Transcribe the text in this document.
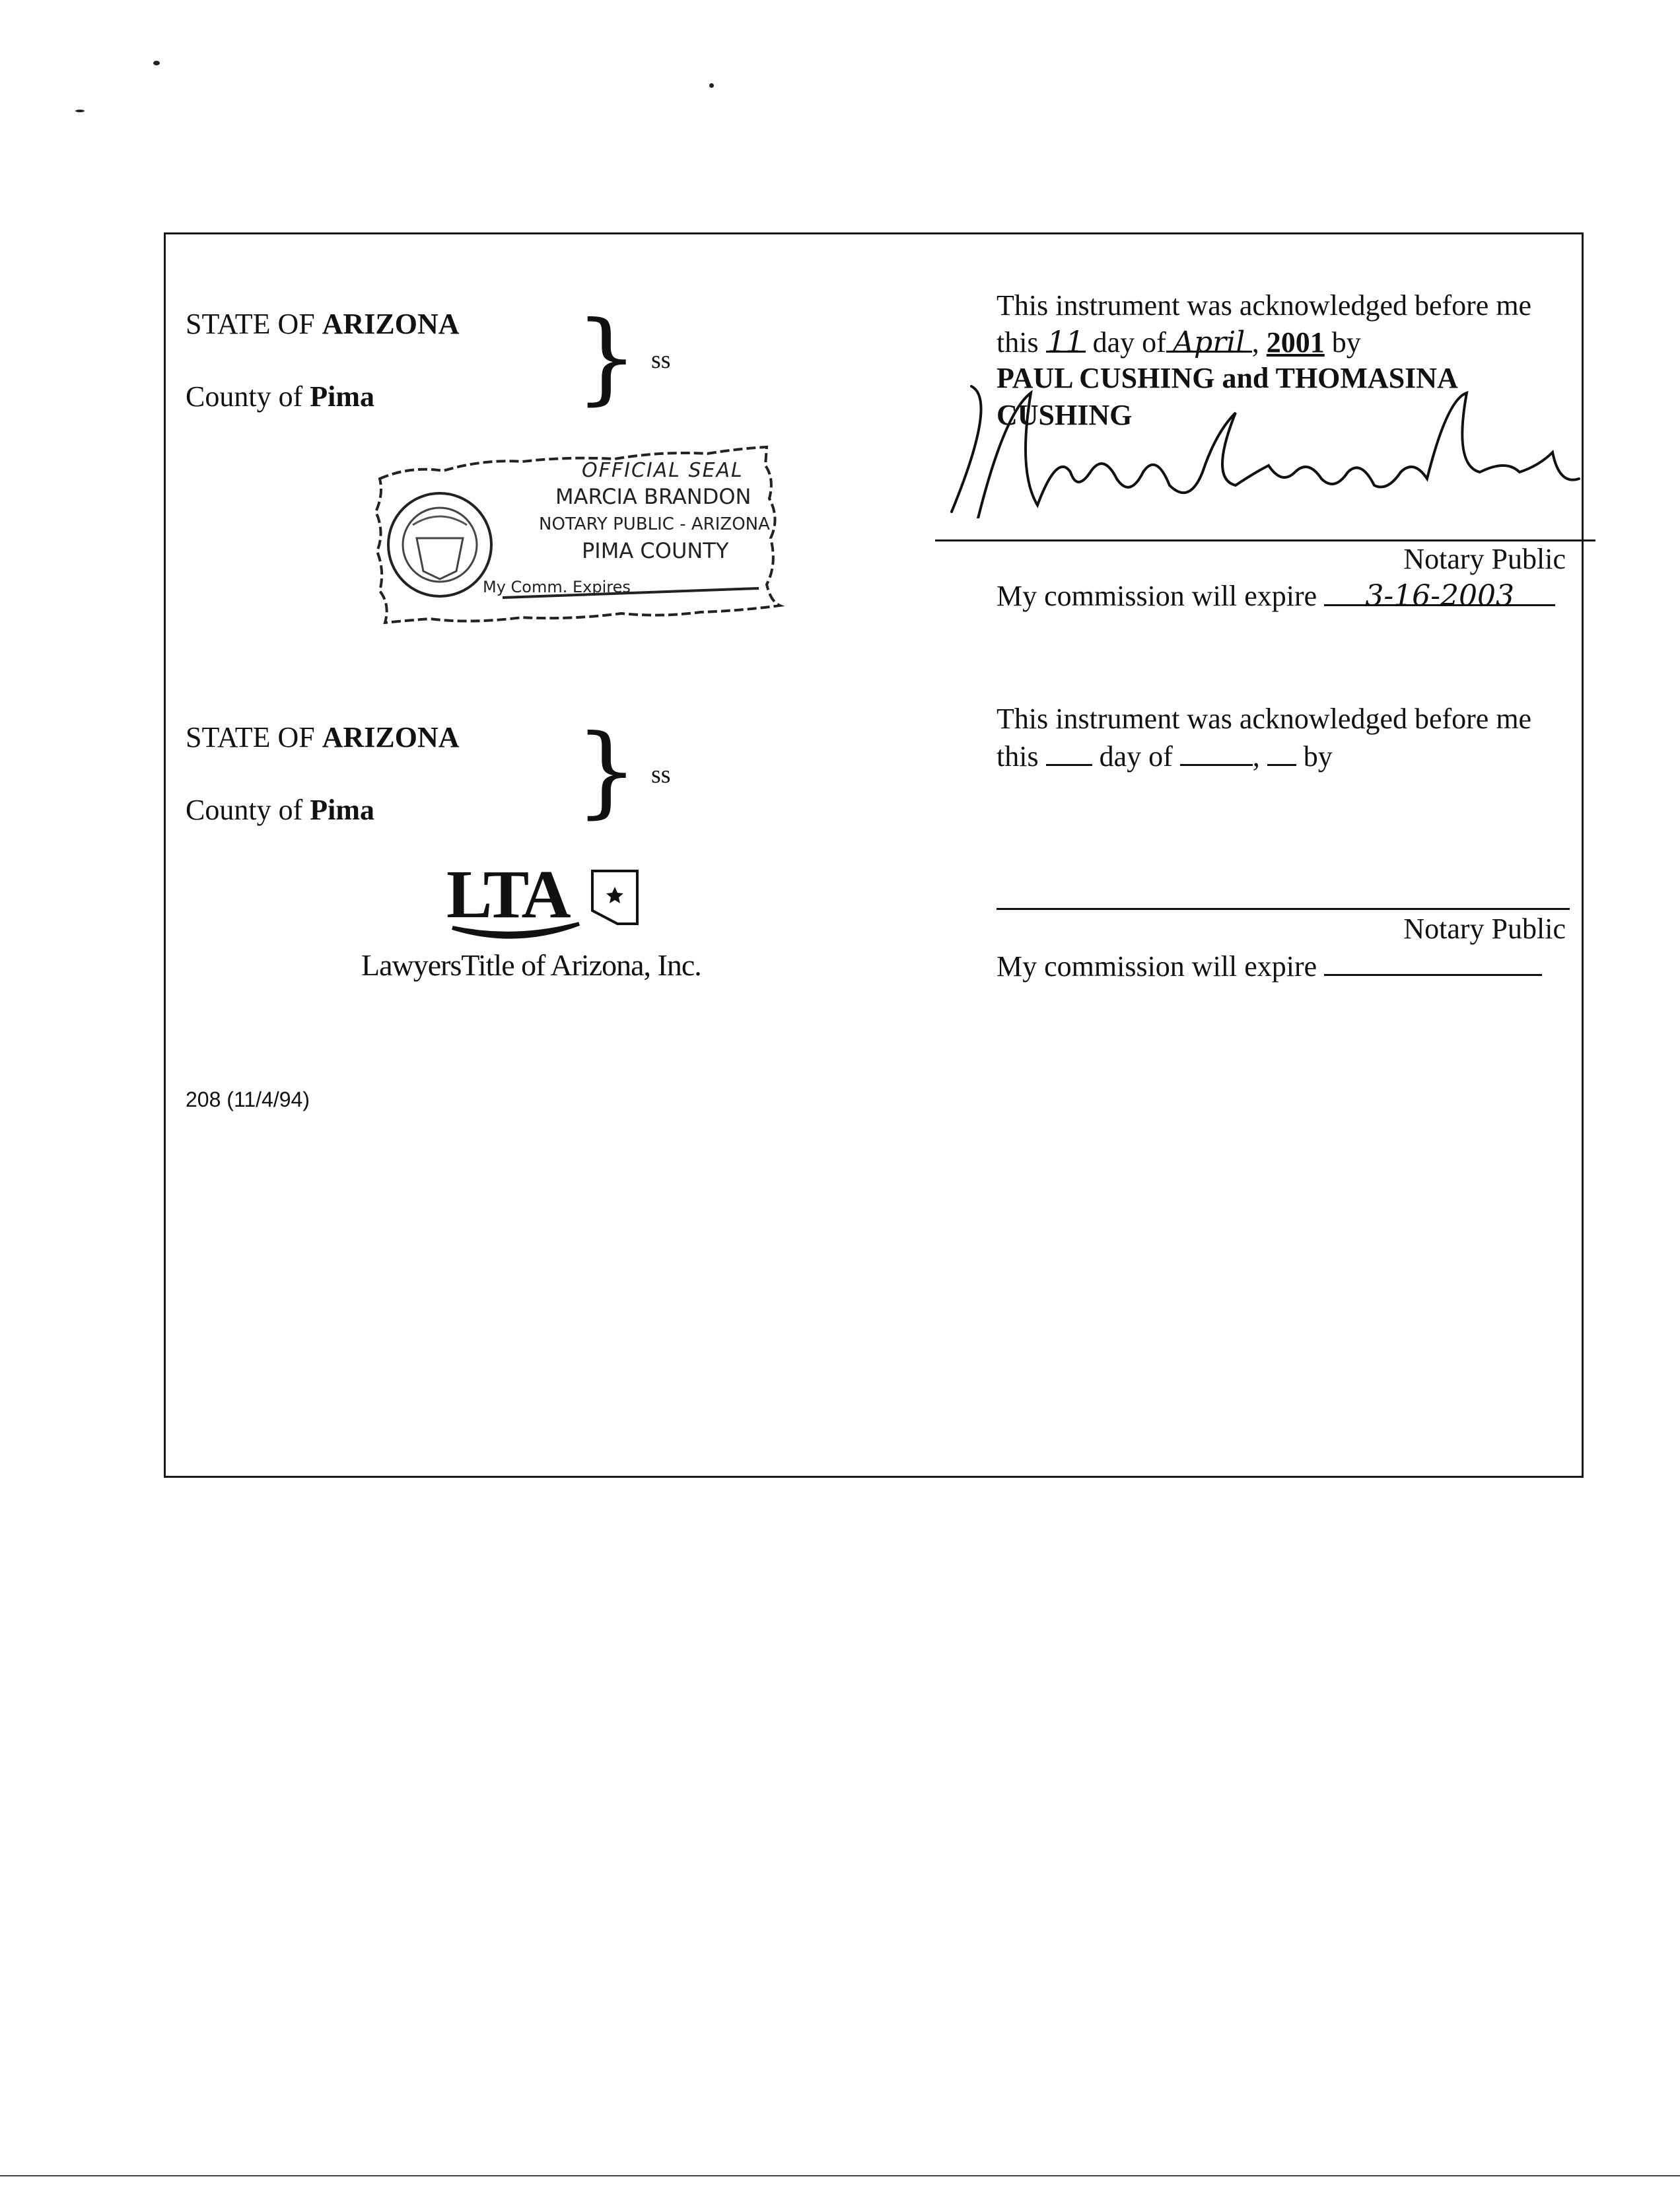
STATE OF ARIZONA
County of Pima } ss
OFFICIAL SEAL
MARCIA BRANDON
NOTARY PUBLIC - ARIZONA
PIMA COUNTY
My Comm. Expires
This instrument was acknowledged before me
this 11 day of April , 2001 by
PAUL CUSHING and THOMASINA
CUSHING
Notary Public
My commission will expire 3-16-2003
STATE OF ARIZONA
County of Pima } ss
LTA
LawyersTitle of Arizona, Inc.
208 (11/4/94)
This instrument was acknowledged before me
this day of	, by
Notary Public
My commission will expire
